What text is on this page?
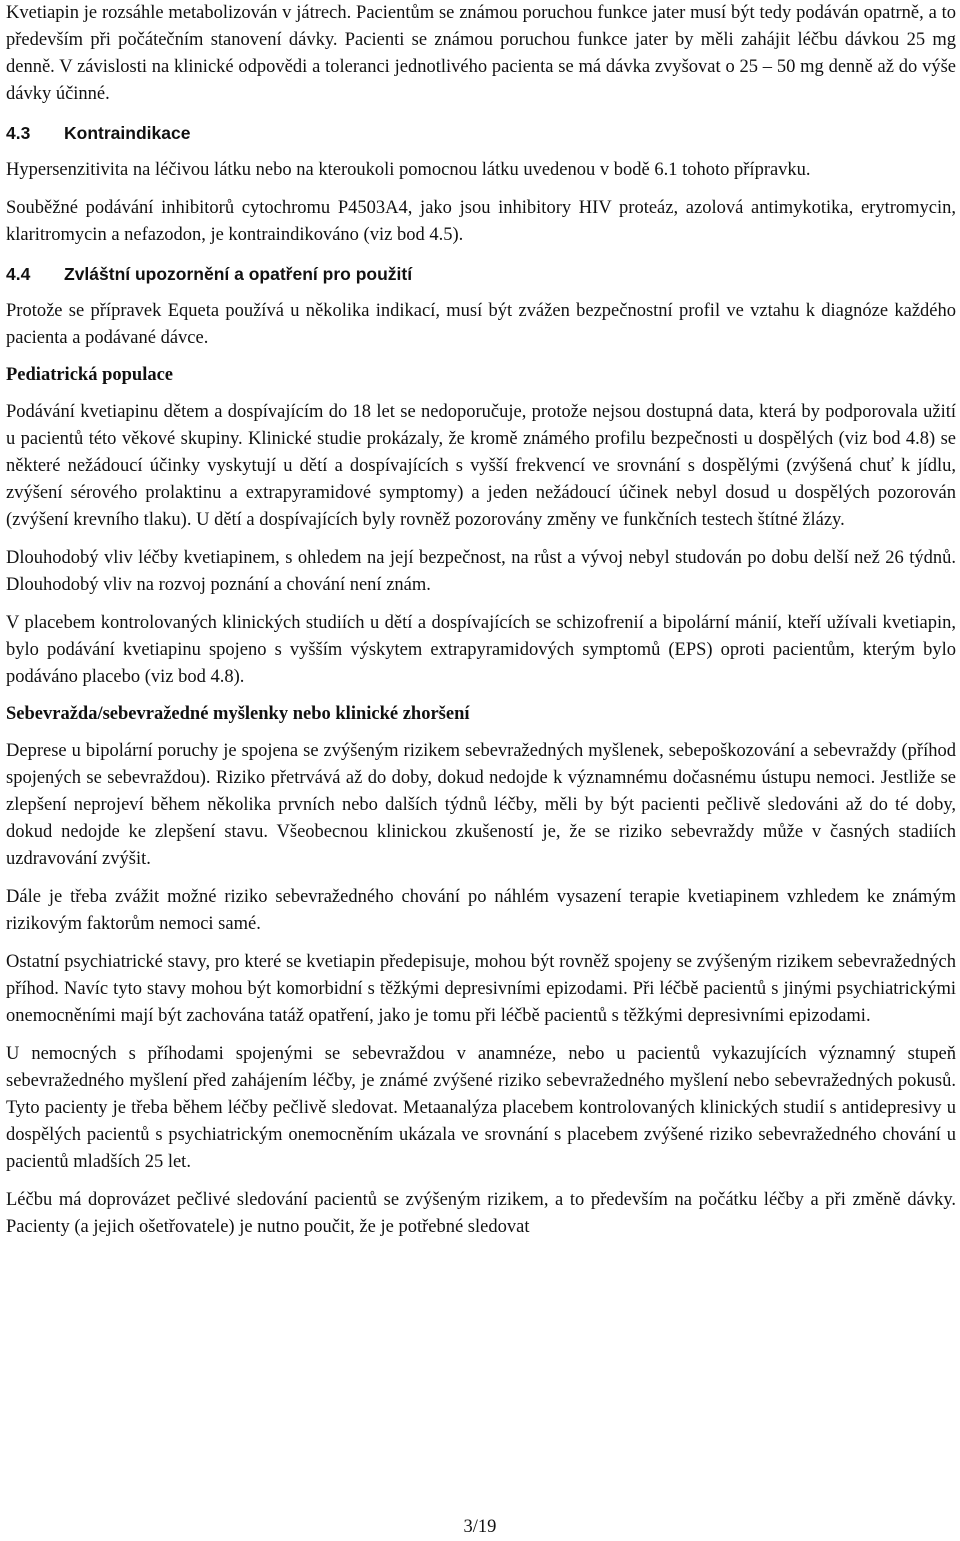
Kvetiapin je rozsáhle metabolizován v játrech. Pacientům se známou poruchou funkce jater musí být tedy podáván opatrně, a to především při počátečním stanovení dávky. Pacienti se známou poruchou funkce jater by měli zahájit léčbu dávkou 25 mg denně. V závislosti na klinické odpovědi a toleranci jednotlivého pacienta se má dávka zvyšovat o 25 – 50 mg denně až do výše dávky účinné.

4.3 Kontraindikace

Hypersenzitivita na léčivou látku nebo na kteroukoli pomocnou látku uvedenou v bodě 6.1 tohoto přípravku.

Souběžné podávání inhibitorů cytochromu P4503A4, jako jsou inhibitory HIV proteáz, azolová antimykotika, erytromycin, klaritromycin a nefazodon, je kontraindikováno (viz bod 4.5).

4.4 Zvláštní upozornění a opatření pro použití

Protože se přípravek Equeta používá u několika indikací, musí být zvážen bezpečnostní profil ve vztahu k diagnóze každého pacienta a podávané dávce.

Pediatrická populace

Podávání kvetiapinu dětem a dospívajícím do 18 let se nedoporučuje, protože nejsou dostupná data, která by podporovala užití u pacientů této věkové skupiny. Klinické studie prokázaly, že kromě známého profilu bezpečnosti u dospělých (viz bod 4.8) se některé nežádoucí účinky vyskytují u dětí a dospívajících s vyšší frekvencí ve srovnání s dospělými (zvýšená chuť k jídlu, zvýšení sérového prolaktinu a extrapyramidové symptomy) a jeden nežádoucí účinek nebyl dosud u dospělých pozorován (zvýšení krevního tlaku). U dětí a dospívajících byly rovněž pozorovány změny ve funkčních testech štítné žlázy.

Dlouhodobý vliv léčby kvetiapinem, s ohledem na její bezpečnost, na růst a vývoj nebyl studován po dobu delší než 26 týdnů. Dlouhodobý vliv na rozvoj poznání a chování není znám.

V placebem kontrolovaných klinických studiích u dětí a dospívajících se schizofrenií a bipolární mánií, kteří užívali kvetiapin, bylo podávání kvetiapinu spojeno s vyšším výskytem extrapyramidových symptomů (EPS) oproti pacientům, kterým bylo podáváno placebo (viz bod 4.8).

Sebevražda/sebevražedné myšlenky nebo klinické zhoršení

Deprese u bipolární poruchy je spojena se zvýšeným rizikem sebevražedných myšlenek, sebepoškozování a sebevraždy (příhod spojených se sebevraždou). Riziko přetrvává až do doby, dokud nedojde k významnému dočasnému ústupu nemoci. Jestliže se zlepšení neprojeví během několika prvních nebo dalších týdnů léčby, měli by být pacienti pečlivě sledováni až do té doby, dokud nedojde ke zlepšení stavu. Všeobecnou klinickou zkušeností je, že se riziko sebevraždy může v časných stadiích uzdravování zvýšit.

Dále je třeba zvážit možné riziko sebevražedného chování po náhlém vysazení terapie kvetiapinem vzhledem ke známým rizikovým faktorům nemoci samé.

Ostatní psychiatrické stavy, pro které se kvetiapin předepisuje, mohou být rovněž spojeny se zvýšeným rizikem sebevražedných příhod. Navíc tyto stavy mohou být komorbidní s těžkými depresivními epizodami. Při léčbě pacientů s jinými psychiatrickými onemocněními mají být zachována tatáž opatření, jako je tomu při léčbě pacientů s těžkými depresivními epizodami.

U nemocných s příhodami spojenými se sebevraždou v anamnéze, nebo u pacientů vykazujících významný stupeň sebevražedného myšlení před zahájením léčby, je známé zvýšené riziko sebevražedného myšlení nebo sebevražedných pokusů. Tyto pacienty je třeba během léčby pečlivě sledovat. Metaanalýza placebem kontrolovaných klinických studií s antidepresivy u dospělých pacientů s psychiatrickým onemocněním ukázala ve srovnání s placebem zvýšené riziko sebevražedného chování u pacientů mladších 25 let.

Léčbu má doprovázet pečlivé sledování pacientů se zvýšeným rizikem, a to především na počátku léčby a při změně dávky. Pacienty (a jejich ošetřovatele) je nutno poučit, že je potřebné sledovat

3/19
